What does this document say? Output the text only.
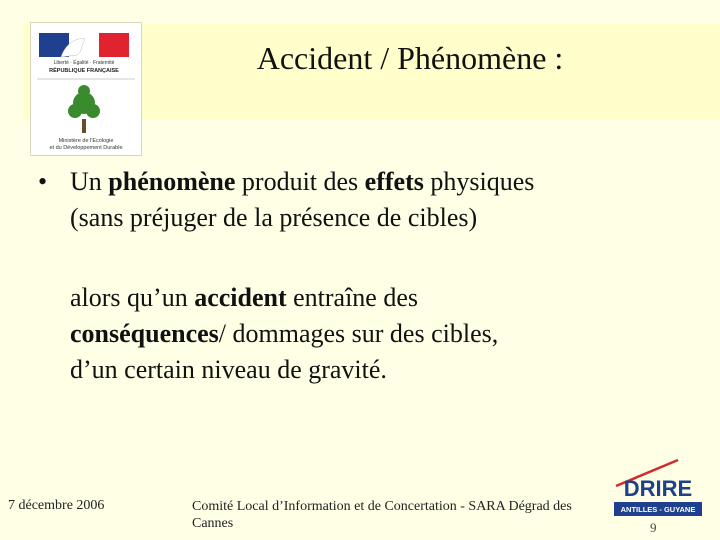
Liberté · Égalité · Fraternité
RÉPUBLIQUE FRANÇAISE
Ministère de l'Ecologie
et du Développement Durable
Accident / Phénomène :
• Un phénomène produit des effets physiques
(sans préjuger de la présence de cibles)

alors qu’un accident entraîne des
conséquences/ dommages sur des cibles,
d’un certain niveau de gravité.

7 décembre 2006	Comité Local d’Information et de Concertation - SARA Dégrad des Cannes
DRIRE
ANTILLES - GUYANE
9
